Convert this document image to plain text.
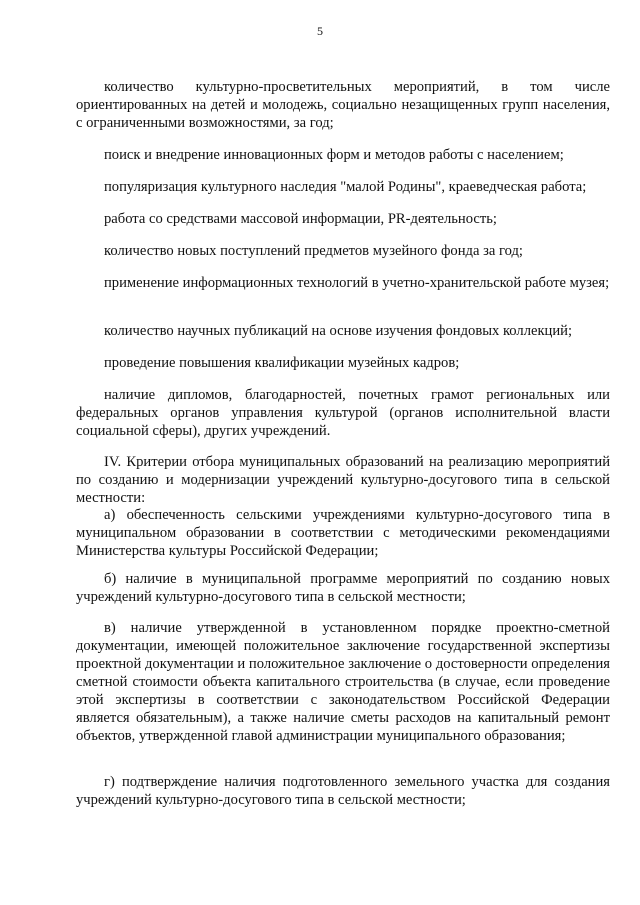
5

количество культурно-просветительных мероприятий, в том числе ориентированных на детей и молодежь, социально незащищенных групп населения, с ограниченными возможностями, за год;

поиск и внедрение инновационных форм и методов работы с населением;

популяризация культурного наследия "малой Родины", краеведческая работа;

работа со средствами массовой информации, PR-деятельность;

количество новых поступлений предметов музейного фонда за год;

применение информационных технологий в учетно-хранительской работе музея;

количество научных публикаций на основе изучения фондовых коллекций;

проведение повышения квалификации музейных кадров;

наличие дипломов, благодарностей, почетных грамот региональных или федеральных органов управления культурой (органов исполнительной власти социальной сферы), других учреждений.

IV. Критерии отбора муниципальных образований на реализацию мероприятий по созданию и модернизации учреждений культурно-досугового типа в сельской местности:

а) обеспеченность сельскими учреждениями культурно-досугового типа в муниципальном образовании в соответствии с методическими рекомендациями Министерства культуры Российской Федерации;

б) наличие в муниципальной программе мероприятий по созданию новых учреждений культурно-досугового типа в сельской местности;

в) наличие утвержденной в установленном порядке проектно-сметной документации, имеющей положительное заключение государственной экспертизы проектной документации и положительное заключение о достоверности определения сметной стоимости объекта капитального строительства (в случае, если проведение этой экспертизы в соответствии с законодательством Российской Федерации является обязательным), а также наличие сметы расходов на капитальный ремонт объектов, утвержденной главой администрации муниципального образования;

г) подтверждение наличия подготовленного земельного участка для создания учреждений культурно-досугового типа в сельской местности;
